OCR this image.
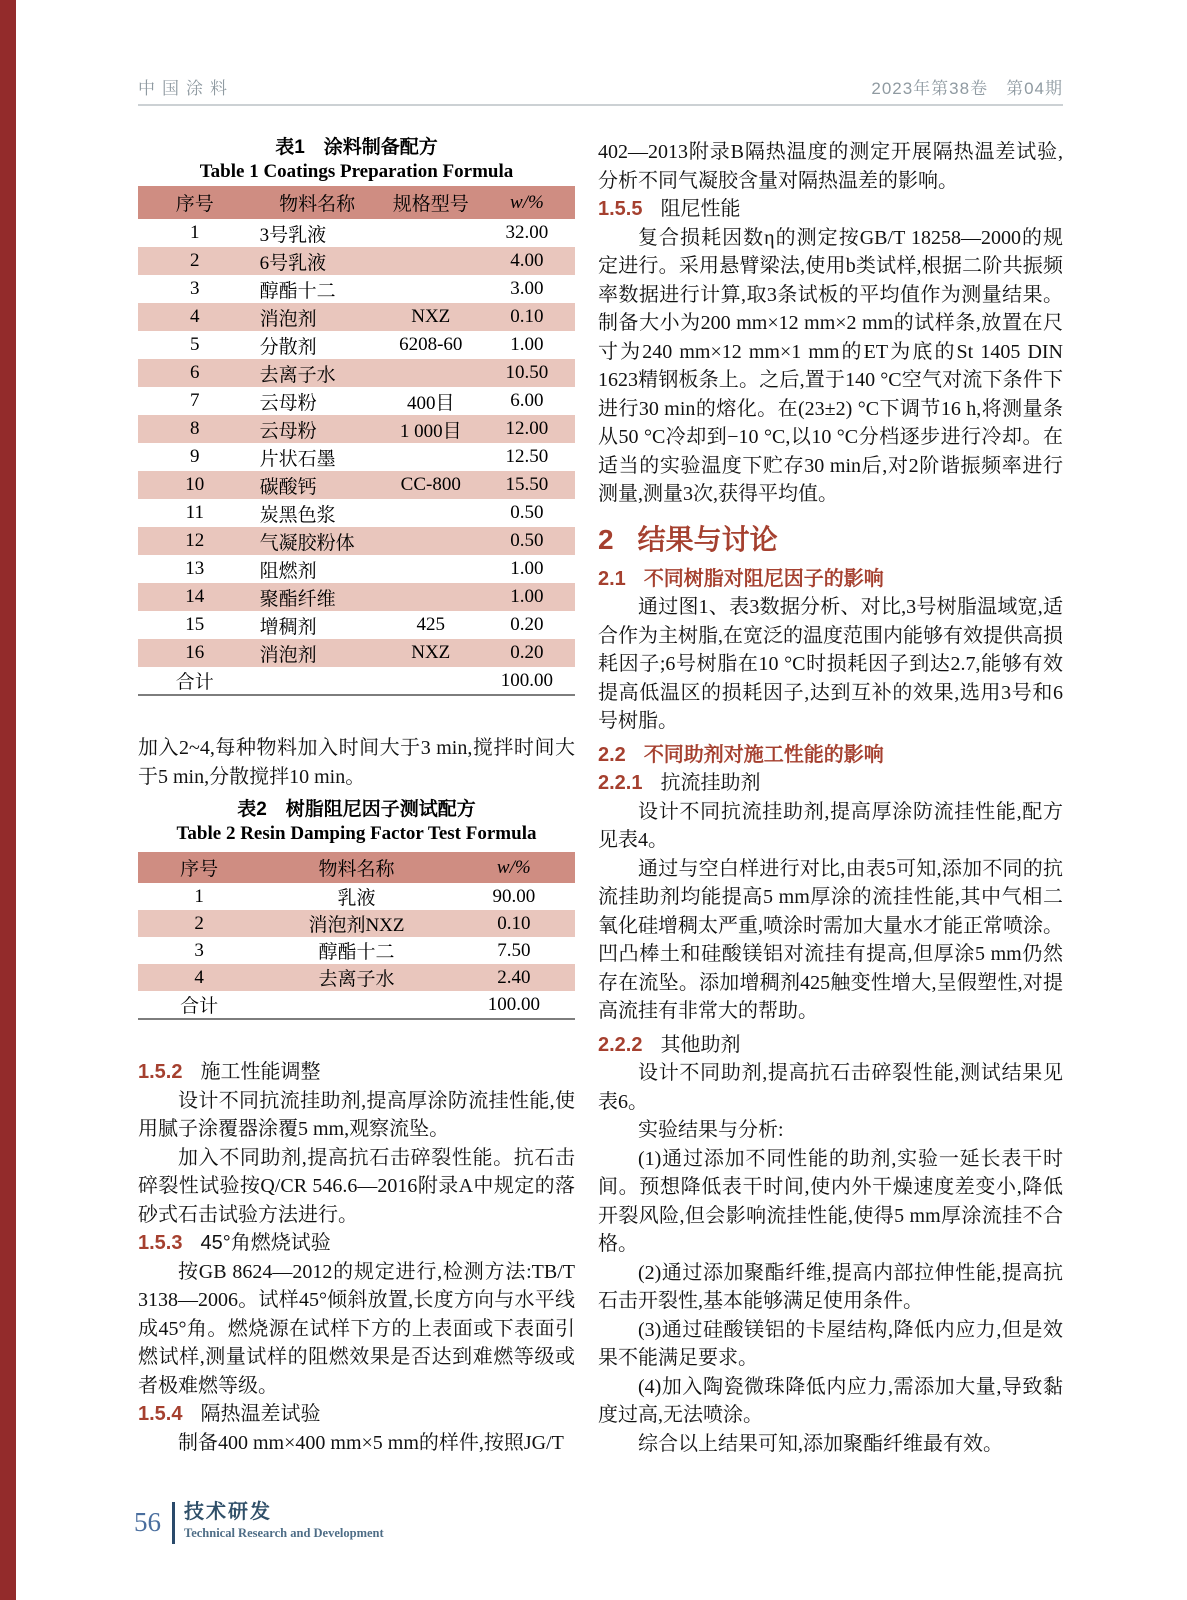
中国涂料	2023年第38卷　第04期
表1　涂料制备配方
Table 1 Coatings Preparation Formula
序号	物料名称	规格型号	w/%
1	3号乳液		32.00
2	6号乳液		4.00
3	醇酯十二		3.00
4	消泡剂	NXZ	0.10
5	分散剂	6208-60	1.00
6	去离子水		10.50
7	云母粉	400目	6.00
8	云母粉	1 000目	12.00
9	片状石墨		12.50
10	碳酸钙	CC-800	15.50
11	炭黑色浆		0.50
12	气凝胶粉体		0.50
13	阻燃剂		1.00
14	聚酯纤维		1.00
15	增稠剂	425	0.20
16	消泡剂	NXZ	0.20
合计			100.00

加入2~4,每种物料加入时间大于3 min,搅拌时间大于5 min,分散搅拌10 min。

表2　树脂阻尼因子测试配方
Table 2 Resin Damping Factor Test Formula
序号	物料名称	w/%
1	乳液	90.00
2	消泡剂NXZ	0.10
3	醇酯十二	7.50
4	去离子水	2.40
合计		100.00
1.5.2 施工性能调整

设计不同抗流挂助剂,提高厚涂防流挂性能,使用腻子涂覆器涂覆5 mm,观察流坠。

加入不同助剂,提高抗石击碎裂性能。抗石击碎裂性试验按Q/CR 546.6—2016附录A中规定的落砂式石击试验方法进行。

1.5.3 45°角燃烧试验

按GB 8624—2012的规定进行,检测方法:TB/T 3138—2006。试样45°倾斜放置,长度方向与水平线成45°角。燃烧源在试样下方的上表面或下表面引燃试样,测量试样的阻燃效果是否达到难燃等级或者极难燃等级。

1.5.4 隔热温差试验

制备400 mm×400 mm×5 mm的样件,按照JG/T

402—2013附录B隔热温度的测定开展隔热温差试验,分析不同气凝胶含量对隔热温差的影响。

1.5.5 阻尼性能

复合损耗因数η的测定按GB/T 18258—2000的规定进行。采用悬臂梁法,使用b类试样,根据二阶共振频率数据进行计算,取3条试板的平均值作为测量结果。制备大小为200 mm×12 mm×2 mm的试样条,放置在尺寸为240 mm×12 mm×1 mm的ET为底的St 1405 DIN 1623精钢板条上。之后,置于140 °C空气对流下条件下进行30 min的熔化。在(23±2) °C下调节16 h,将测量条从50 °C冷却到−10 °C,以10 °C分档逐步进行冷却。在适当的实验温度下贮存30 min后,对2阶谐振频率进行测量,测量3次,获得平均值。

2 结果与讨论
2.1 不同树脂对阻尼因子的影响

通过图1、表3数据分析、对比,3号树脂温域宽,适合作为主树脂,在宽泛的温度范围内能够有效提供高损耗因子;6号树脂在10 °C时损耗因子到达2.7,能够有效提高低温区的损耗因子,达到互补的效果,选用3号和6号树脂。

2.2 不同助剂对施工性能的影响
2.2.1 抗流挂助剂

设计不同抗流挂助剂,提高厚涂防流挂性能,配方见表4。

通过与空白样进行对比,由表5可知,添加不同的抗流挂助剂均能提高5 mm厚涂的流挂性能,其中气相二氧化硅增稠太严重,喷涂时需加大量水才能正常喷涂。凹凸棒土和硅酸镁铝对流挂有提高,但厚涂5 mm仍然存在流坠。添加增稠剂425触变性增大,呈假塑性,对提高流挂有非常大的帮助。

2.2.2 其他助剂

设计不同助剂,提高抗石击碎裂性能,测试结果见表6。

实验结果与分析:

(1)通过添加不同性能的助剂,实验一延长表干时间。预想降低表干时间,使内外干燥速度差变小,降低开裂风险,但会影响流挂性能,使得5 mm厚涂流挂不合格。

(2)通过添加聚酯纤维,提高内部拉伸性能,提高抗石击开裂性,基本能够满足使用条件。

(3)通过硅酸镁铝的卡屋结构,降低内应力,但是效果不能满足要求。

(4)加入陶瓷微珠降低内应力,需添加大量,导致黏度过高,无法喷涂。

综合以上结果可知,添加聚酯纤维最有效。

56 技术研发
Technical Research and Development
